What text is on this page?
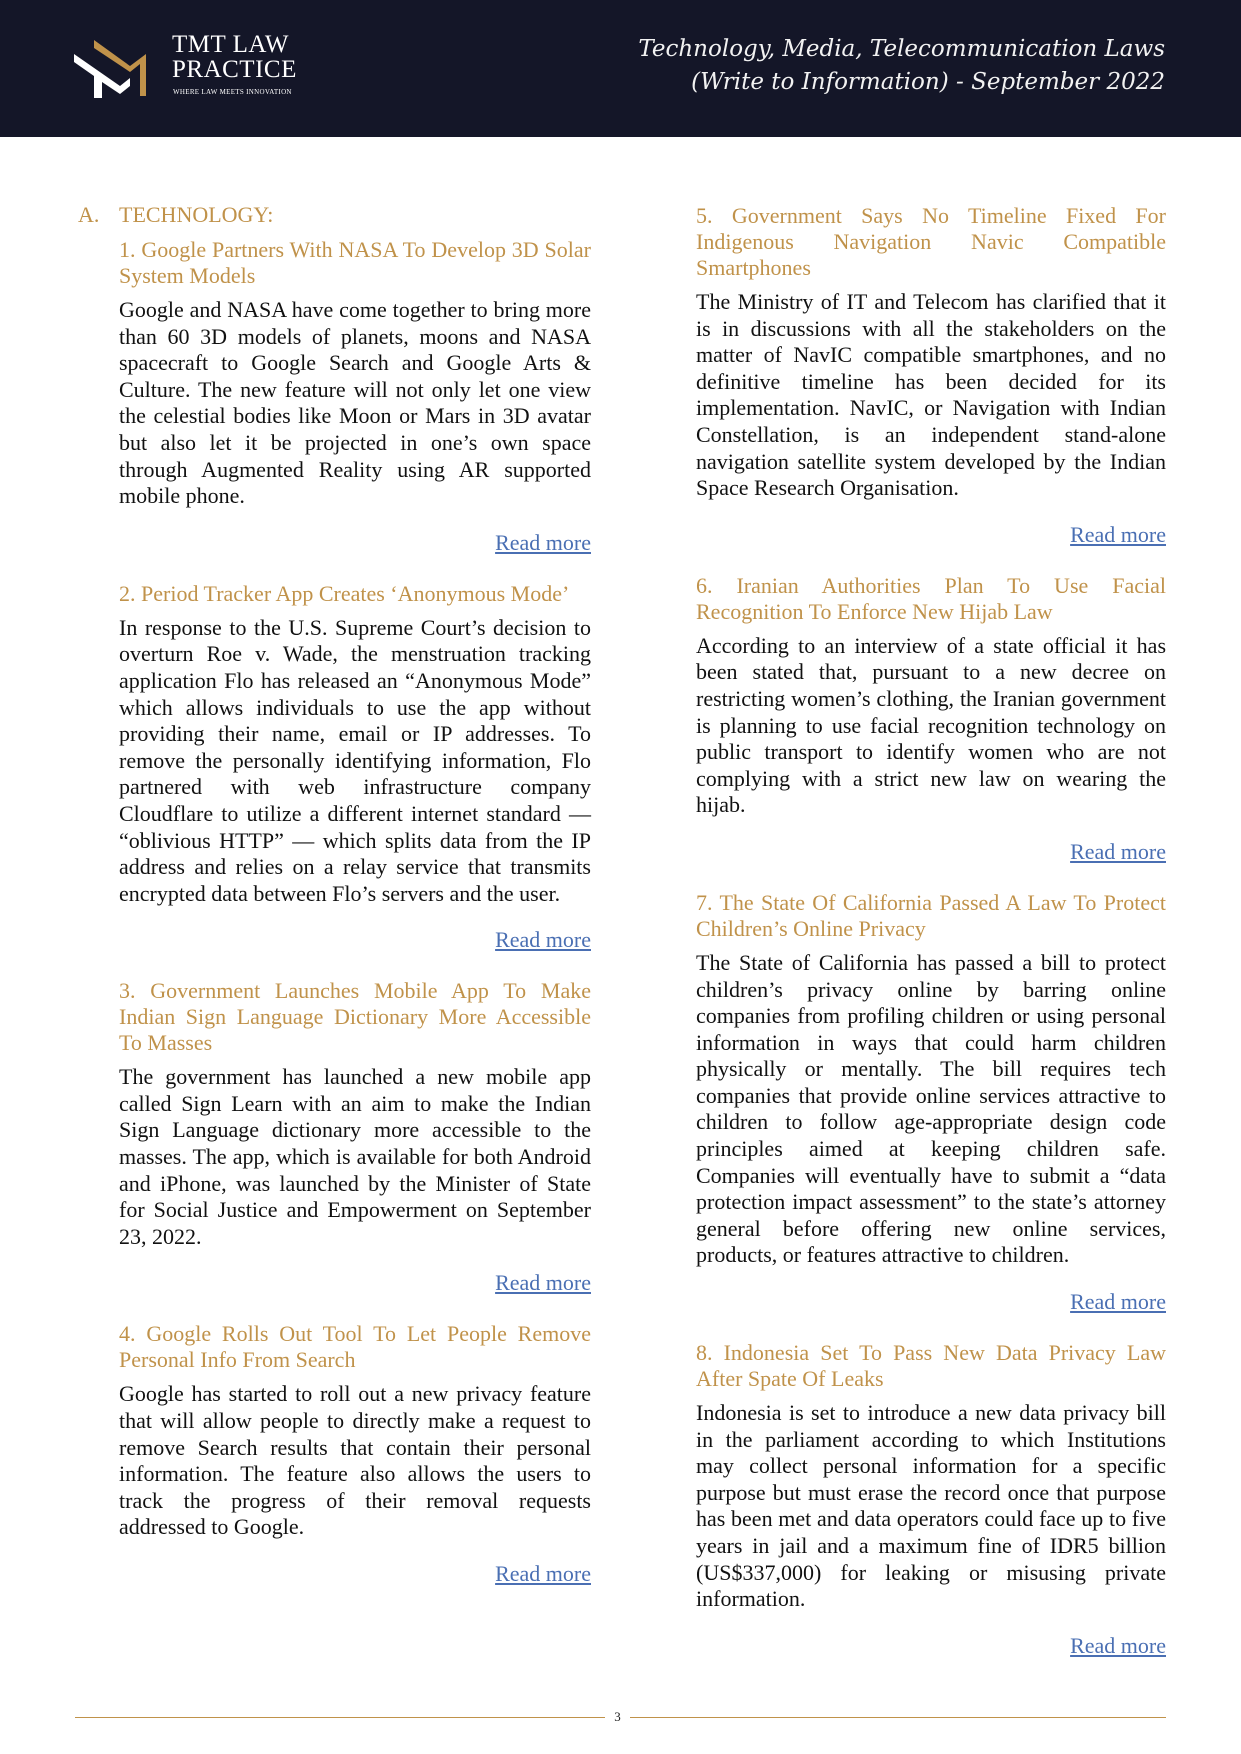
TMT LAW
PRACTICE
WHERE LAW MEETS INNOVATION
Technology, Media, Telecommunication Laws
(Write to Information) - September 2022
A. TECHNOLOGY:
1. Google Partners With NASA To Develop 3D Solar System Models
Google and NASA have come together to bring more than 60 3D models of planets, moons and NASA spacecraft to Google Search and Google Arts & Culture. The new feature will not only let one view the celestial bodies like Moon or Mars in 3D avatar but also let it be projected in one’s own space through Augmented Reality using AR supported mobile phone.
Read more
2. Period Tracker App Creates ‘Anonymous Mode’
In response to the U.S. Supreme Court’s decision to overturn Roe v. Wade, the menstruation tracking application Flo has released an “Anonymous Mode” which allows individuals to use the app without providing their name, email or IP addresses. To remove the personally identifying information, Flo partnered with web infrastructure company Cloudflare to utilize a different internet standard — “oblivious HTTP” — which splits data from the IP address and relies on a relay service that transmits encrypted data between Flo’s servers and the user.
Read more
3. Government Launches Mobile App To Make Indian Sign Language Dictionary More Accessible To Masses
The government has launched a new mobile app called Sign Learn with an aim to make the Indian Sign Language dictionary more accessible to the masses. The app, which is available for both Android and iPhone, was launched by the Minister of State for Social Justice and Empowerment on September 23, 2022.
Read more
4. Google Rolls Out Tool To Let People Remove Personal Info From Search
Google has started to roll out a new privacy feature that will allow people to directly make a request to remove Search results that contain their personal information. The feature also allows the users to track the progress of their removal requests addressed to Google.
Read more
5. Government Says No Timeline Fixed For Indigenous Navigation Navic Compatible Smartphones
The Ministry of IT and Telecom has clarified that it is in discussions with all the stakeholders on the matter of NavIC compatible smartphones, and no definitive timeline has been decided for its implementation. NavIC, or Navigation with Indian Constellation, is an independent stand-alone navigation satellite system developed by the Indian Space Research Organisation.
Read more
6. Iranian Authorities Plan To Use Facial Recognition To Enforce New Hijab Law
According to an interview of a state official it has been stated that, pursuant to a new decree on restricting women’s clothing, the Iranian government is planning to use facial recognition technology on public transport to identify women who are not complying with a strict new law on wearing the hijab.
Read more
7. The State Of California Passed A Law To Protect Children’s Online Privacy
The State of California has passed a bill to protect children’s privacy online by barring online companies from profiling children or using personal information in ways that could harm children physically or mentally. The bill requires tech companies that provide online services attractive to children to follow age-appropriate design code principles aimed at keeping children safe. Companies will eventually have to submit a “data protection impact assessment” to the state’s attorney general before offering new online services, products, or features attractive to children.
Read more
8. Indonesia Set To Pass New Data Privacy Law After Spate Of Leaks
Indonesia is set to introduce a new data privacy bill in the parliament according to which Institutions may collect personal information for a specific purpose but must erase the record once that purpose has been met and data operators could face up to five years in jail and a maximum fine of IDR5 billion (US$337,000) for leaking or misusing private information.
Read more
3
